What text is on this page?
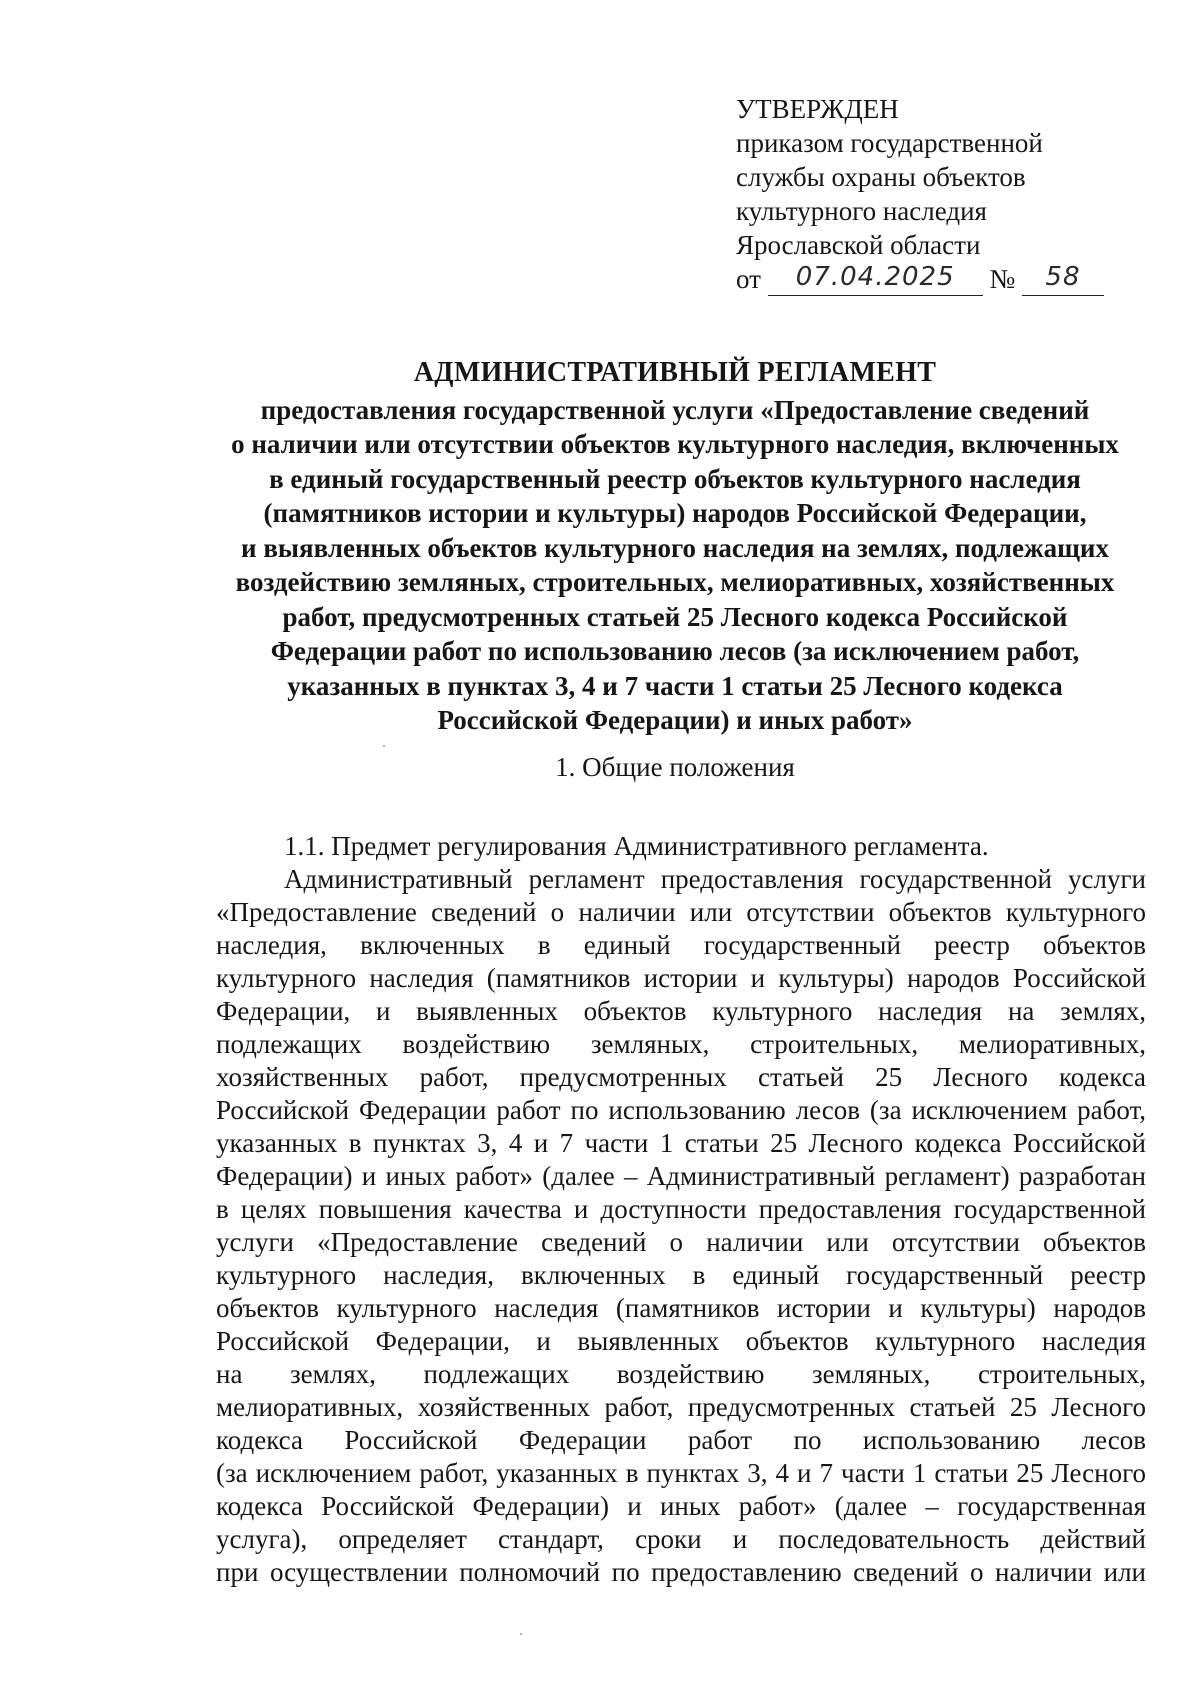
УТВЕРЖДЕН
приказом государственной
службы охраны объектов
культурного наследия
Ярославской области
от 07.04.2025 № 58
АДМИНИСТРАТИВНЫЙ РЕГЛАМЕНТ
предоставления государственной услуги «Предоставление сведений
о наличии или отсутствии объектов культурного наследия, включенных
в единый государственный реестр объектов культурного наследия
(памятников истории и культуры) народов Российской Федерации,
и выявленных объектов культурного наследия на землях, подлежащих
воздействию земляных, строительных, мелиоративных, хозяйственных
работ, предусмотренных статьей 25 Лесного кодекса Российской
Федерации работ по использованию лесов (за исключением работ,
указанных в пунктах 3, 4 и 7 части 1 статьи 25 Лесного кодекса
Российской Федерации) и иных работ»
1. Общие положения
1.1. Предмет регулирования Административного регламента.
Административный регламент предоставления государственной услуги
«Предоставление сведений о наличии или отсутствии объектов культурного
наследия, включенных в единый государственный реестр объектов
культурного наследия (памятников истории и культуры) народов Российской
Федерации, и выявленных объектов культурного наследия на землях,
подлежащих воздействию земляных, строительных, мелиоративных,
хозяйственных работ, предусмотренных статьей 25 Лесного кодекса
Российской Федерации работ по использованию лесов (за исключением работ,
указанных в пунктах 3, 4 и 7 части 1 статьи 25 Лесного кодекса Российской
Федерации) и иных работ» (далее – Административный регламент) разработан
в целях повышения качества и доступности предоставления государственной
услуги «Предоставление сведений о наличии или отсутствии объектов
культурного наследия, включенных в единый государственный реестр
объектов культурного наследия (памятников истории и культуры) народов
Российской Федерации, и выявленных объектов культурного наследия
на землях, подлежащих воздействию земляных, строительных,
мелиоративных, хозяйственных работ, предусмотренных статьей 25 Лесного
кодекса Российской Федерации работ по использованию лесов
(за исключением работ, указанных в пунктах 3, 4 и 7 части 1 статьи 25 Лесного
кодекса Российской Федерации) и иных работ» (далее – государственная
услуга), определяет стандарт, сроки и последовательность действий
при осуществлении полномочий по предоставлению сведений о наличии или
